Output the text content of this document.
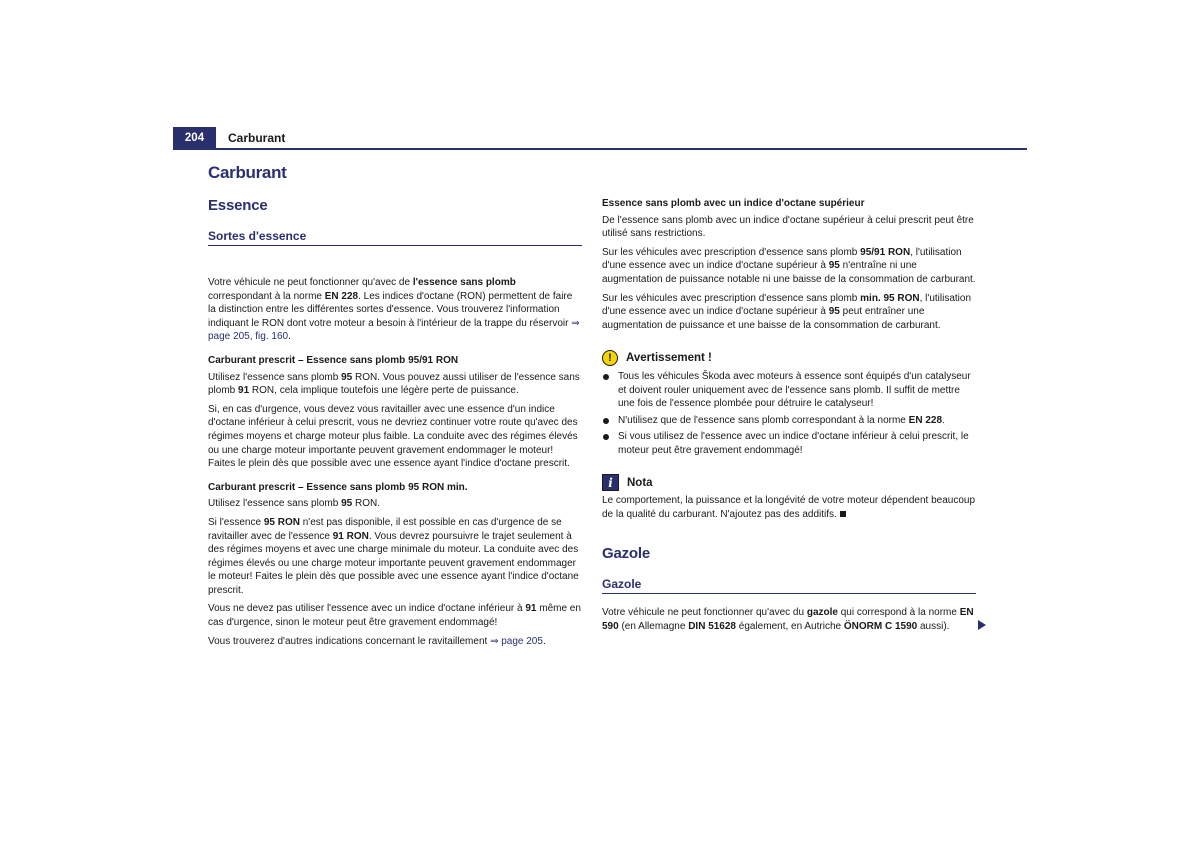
204	Carburant
Carburant
Essence
Sortes d'essence

Votre véhicule ne peut fonctionner qu'avec de l'essence sans plomb correspondant à la norme EN 228. Les indices d'octane (RON) permettent de faire la distinction entre les différentes sortes d'essence. Vous trouverez l'information indiquant le RON dont votre moteur a besoin à l'intérieur de la trappe du réservoir ⇒ page 205, fig. 160.

Carburant prescrit – Essence sans plomb 95/91 RON

Utilisez l'essence sans plomb 95 RON. Vous pouvez aussi utiliser de l'essence sans plomb 91 RON, cela implique toutefois une légère perte de puissance.

Si, en cas d'urgence, vous devez vous ravitailler avec une essence d'un indice d'octane inférieur à celui prescrit, vous ne devriez continuer votre route qu'avec des régimes moyens et charge moteur plus faible. La conduite avec des régimes élevés ou une charge moteur importante peuvent gravement endommager le moteur! Faites le plein dès que possible avec une essence ayant l'indice d'octane prescrit.

Carburant prescrit – Essence sans plomb 95 RON min.

Utilisez l'essence sans plomb 95 RON.

Si l'essence 95 RON n'est pas disponible, il est possible en cas d'urgence de se ravitailler avec de l'essence 91 RON. Vous devrez poursuivre le trajet seulement à des régimes moyens et avec une charge minimale du moteur. La conduite avec des régimes élevés ou une charge moteur importante peuvent gravement endommager le moteur! Faites le plein dès que possible avec une essence ayant l'indice d'octane prescrit.

Vous ne devez pas utiliser l'essence avec un indice d'octane inférieur à 91 même en cas d'urgence, sinon le moteur peut être gravement endommagé!

Vous trouverez d'autres indications concernant le ravitaillement ⇒ page 205.

Essence sans plomb avec un indice d'octane supérieur

De l'essence sans plomb avec un indice d'octane supérieur à celui prescrit peut être utilisé sans restrictions.

Sur les véhicules avec prescription d'essence sans plomb 95/91 RON, l'utilisation d'une essence avec un indice d'octane supérieur à 95 n'entraîne ni une augmentation de puissance notable ni une baisse de la consommation de carburant.

Sur les véhicules avec prescription d'essence sans plomb min. 95 RON, l'utilisation d'une essence avec un indice d'octane supérieur à 95 peut entraîner une augmentation de puissance et une baisse de la consommation de carburant.

!	Avertissement !

Tous les véhicules Škoda avec moteurs à essence sont équipés d'un catalyseur et doivent rouler uniquement avec de l'essence sans plomb. Il suffit de mettre une fois de l'essence plombée pour détruire le catalyseur!

N'utilisez que de l'essence sans plomb correspondant à la norme EN 228.

Si vous utilisez de l'essence avec un indice d'octane inférieur à celui prescrit, le moteur peut être gravement endommagé!

i	Nota

Le comportement, la puissance et la longévité de votre moteur dépendent beaucoup de la qualité du carburant. N'ajoutez pas des additifs.

Gazole
Gazole

Votre véhicule ne peut fonctionner qu'avec du gazole qui correspond à la norme EN 590 (en Allemagne DIN 51628 également, en Autriche ÖNORM C 1590 aussi).
